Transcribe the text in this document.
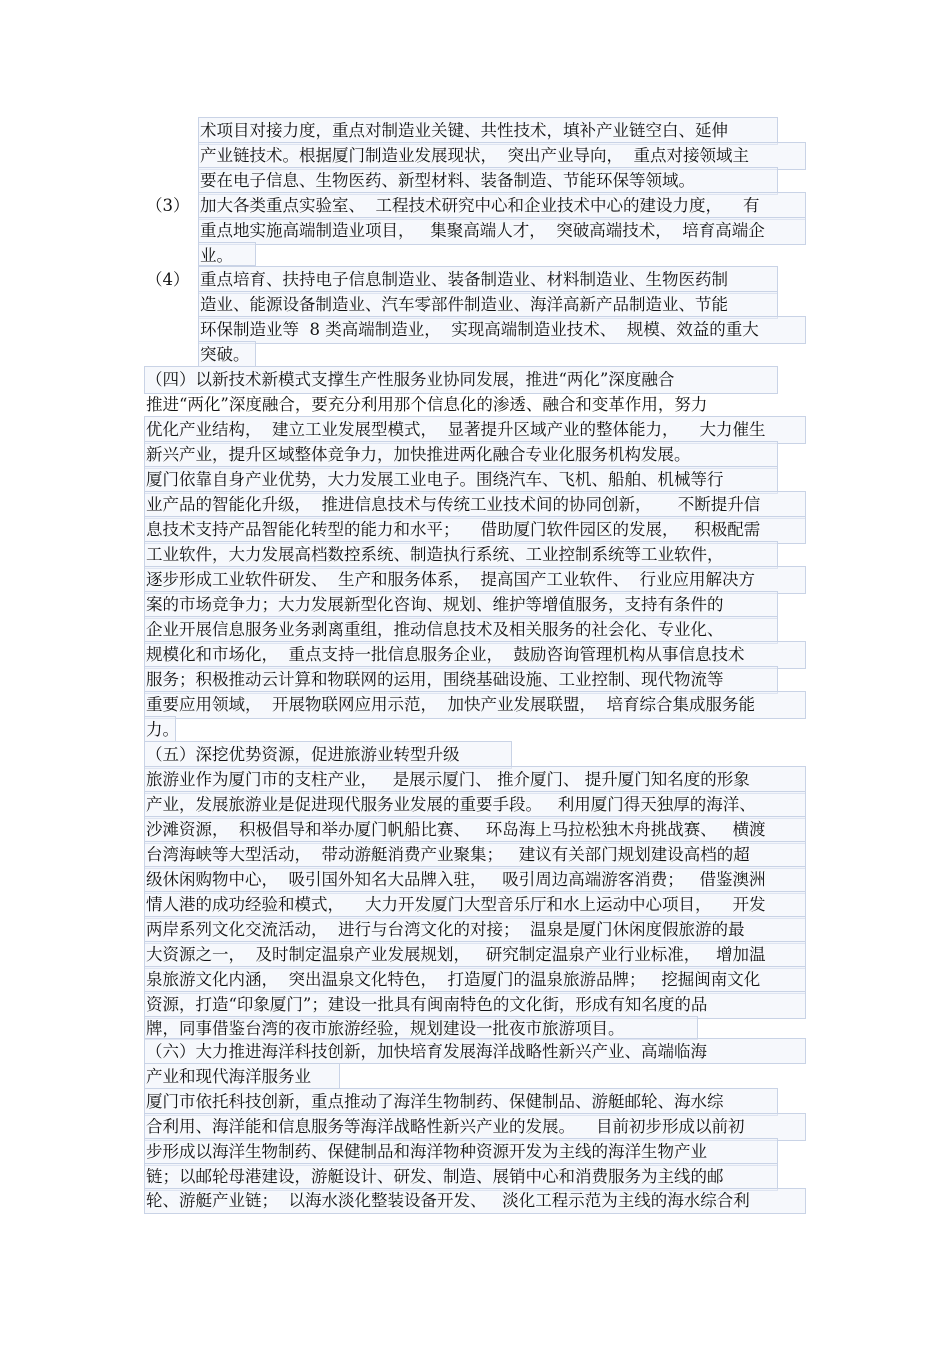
术项目对接力度，重点对制造业关键、共性技术，填补产业链空白、延伸
产业链技术。根据厦门制造业发展现状，  突出产业导向，  重点对接领域主
要在电子信息、生物医药、新型材料、装备制造、节能环保等领域。
（3） 加大各类重点实验室、  工程技术研究中心和企业技术中心的建设力度，    有
重点地实施高端制造业项目，   集聚高端人才，  突破高端技术，  培育高端企
业。
（4） 重点培育、扶持电子信息制造业、装备制造业、材料制造业、生物医药制
造业、能源设备制造业、汽车零部件制造业、海洋高新产品制造业、节能
环保制造业等  8 类高端制造业，  实现高端制造业技术、  规模、效益的重大
突破。
（四）以新技术新模式支撑生产性服务业协同发展，推进“两化”深度融合
推进“两化”深度融合，要充分利用那个信息化的渗透、融合和变革作用，努力
优化产业结构，  建立工业发展型模式，  显著提升区域产业的整体能力，    大力催生
新兴产业，提升区域整体竞争力，加快推进两化融合专业化服务机构发展。
厦门依靠自身产业优势，大力发展工业电子。围绕汽车、飞机、船舶、机械等行
业产品的智能化升级，  推进信息技术与传统工业技术间的协同创新，     不断提升信
息技术支持产品智能化转型的能力和水平；    借助厦门软件园区的发展，   积极配需
工业软件，大力发展高档数控系统、制造执行系统、工业控制系统等工业软件，
逐步形成工业软件研发、  生产和服务体系，  提高国产工业软件、  行业应用解决方
案的市场竞争力；大力发展新型化咨询、规划、维护等增值服务，支持有条件的
企业开展信息服务业务剥离重组，推动信息技术及相关服务的社会化、专业化、
规模化和市场化，  重点支持一批信息服务企业，  鼓励咨询管理机构从事信息技术
服务；积极推动云计算和物联网的运用，围绕基础设施、工业控制、现代物流等
重要应用领域，  开展物联网应用示范，  加快产业发展联盟，  培育综合集成服务能
力。
（五）深挖优势资源，促进旅游业转型升级
旅游业作为厦门市的支柱产业，   是展示厦门、 推介厦门、 提升厦门知名度的形象
产业，发展旅游业是促进现代服务业发展的重要手段。   利用厦门得天独厚的海洋、
沙滩资源，  积极倡导和举办厦门帆船比赛、   环岛海上马拉松独木舟挑战赛、   横渡
台湾海峡等大型活动，  带动游艇消费产业聚集；   建议有关部门规划建设高档的超
级休闲购物中心，  吸引国外知名大品牌入驻，   吸引周边高端游客消费；   借鉴澳洲
情人港的成功经验和模式，    大力开发厦门大型音乐厅和水上运动中心项目，    开发
两岸系列文化交流活动，  进行与台湾文化的对接；  温泉是厦门休闲度假旅游的最
大资源之一，  及时制定温泉产业发展规划，   研究制定温泉产业行业标准，   增加温
泉旅游文化内涵，  突出温泉文化特色，  打造厦门的温泉旅游品牌；   挖掘闽南文化
资源，打造“印象厦门”；建设一批具有闽南特色的文化街，形成有知名度的品
牌，同事借鉴台湾的夜市旅游经验，规划建设一批夜市旅游项目。
（六）大力推进海洋科技创新，加快培育发展海洋战略性新兴产业、高端临海
产业和现代海洋服务业
厦门市依托科技创新，重点推动了海洋生物制药、保健制品、游艇邮轮、海水综
合利用、海洋能和信息服务等海洋战略性新兴产业的发展。    目前初步形成以前初
步形成以海洋生物制药、保健制品和海洋物种资源开发为主线的海洋生物产业
链；以邮轮母港建设，游艇设计、研发、制造、展销中心和消费服务为主线的邮
轮、游艇产业链；  以海水淡化整装设备开发、   淡化工程示范为主线的海水综合利
